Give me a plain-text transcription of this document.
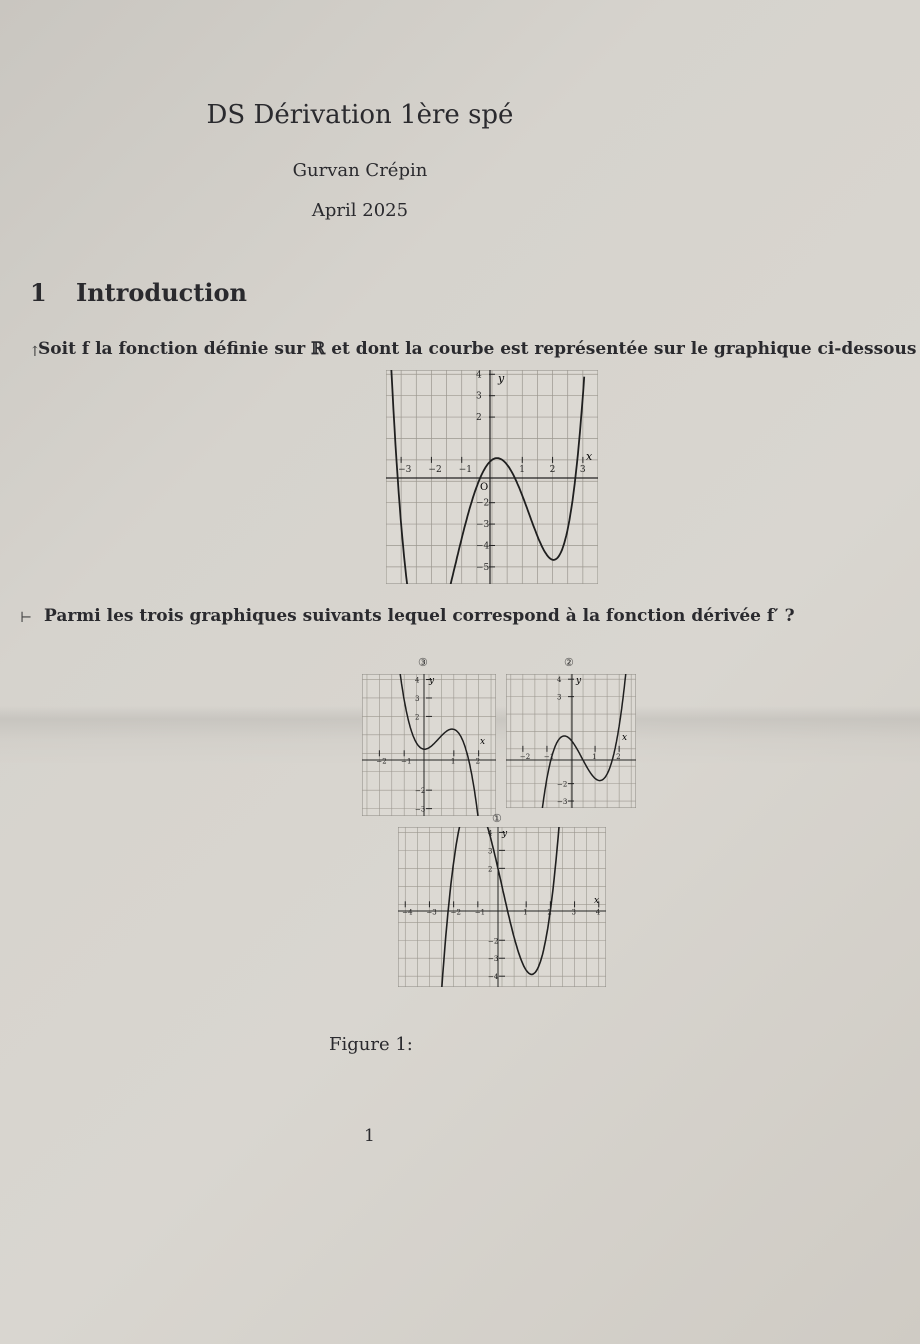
DS Dérivation 1ère spé
Gurvan Crépin
April 2025
1 Introduction
↑
Soit f la fonction définie sur ℝ et dont la courbe est représentée sur le graphique ci-dessous
⊢ Parmi les trois graphiques suivants lequel correspond à la fonction dérivée f′ ?
x
y
O
−3 −2 −1	1	2	3
−5
−4
−3
−2
2
3
4
x
y
−2 −1	1	2
−3
−2
2
3
4
③
x
y
−2 −1	1	2
−3
−2
3
4
②
x
y
−4 −3 −2 −1	1	2	3	4
−4
−3
−2
2
3
4
①
Figure 1:
1
